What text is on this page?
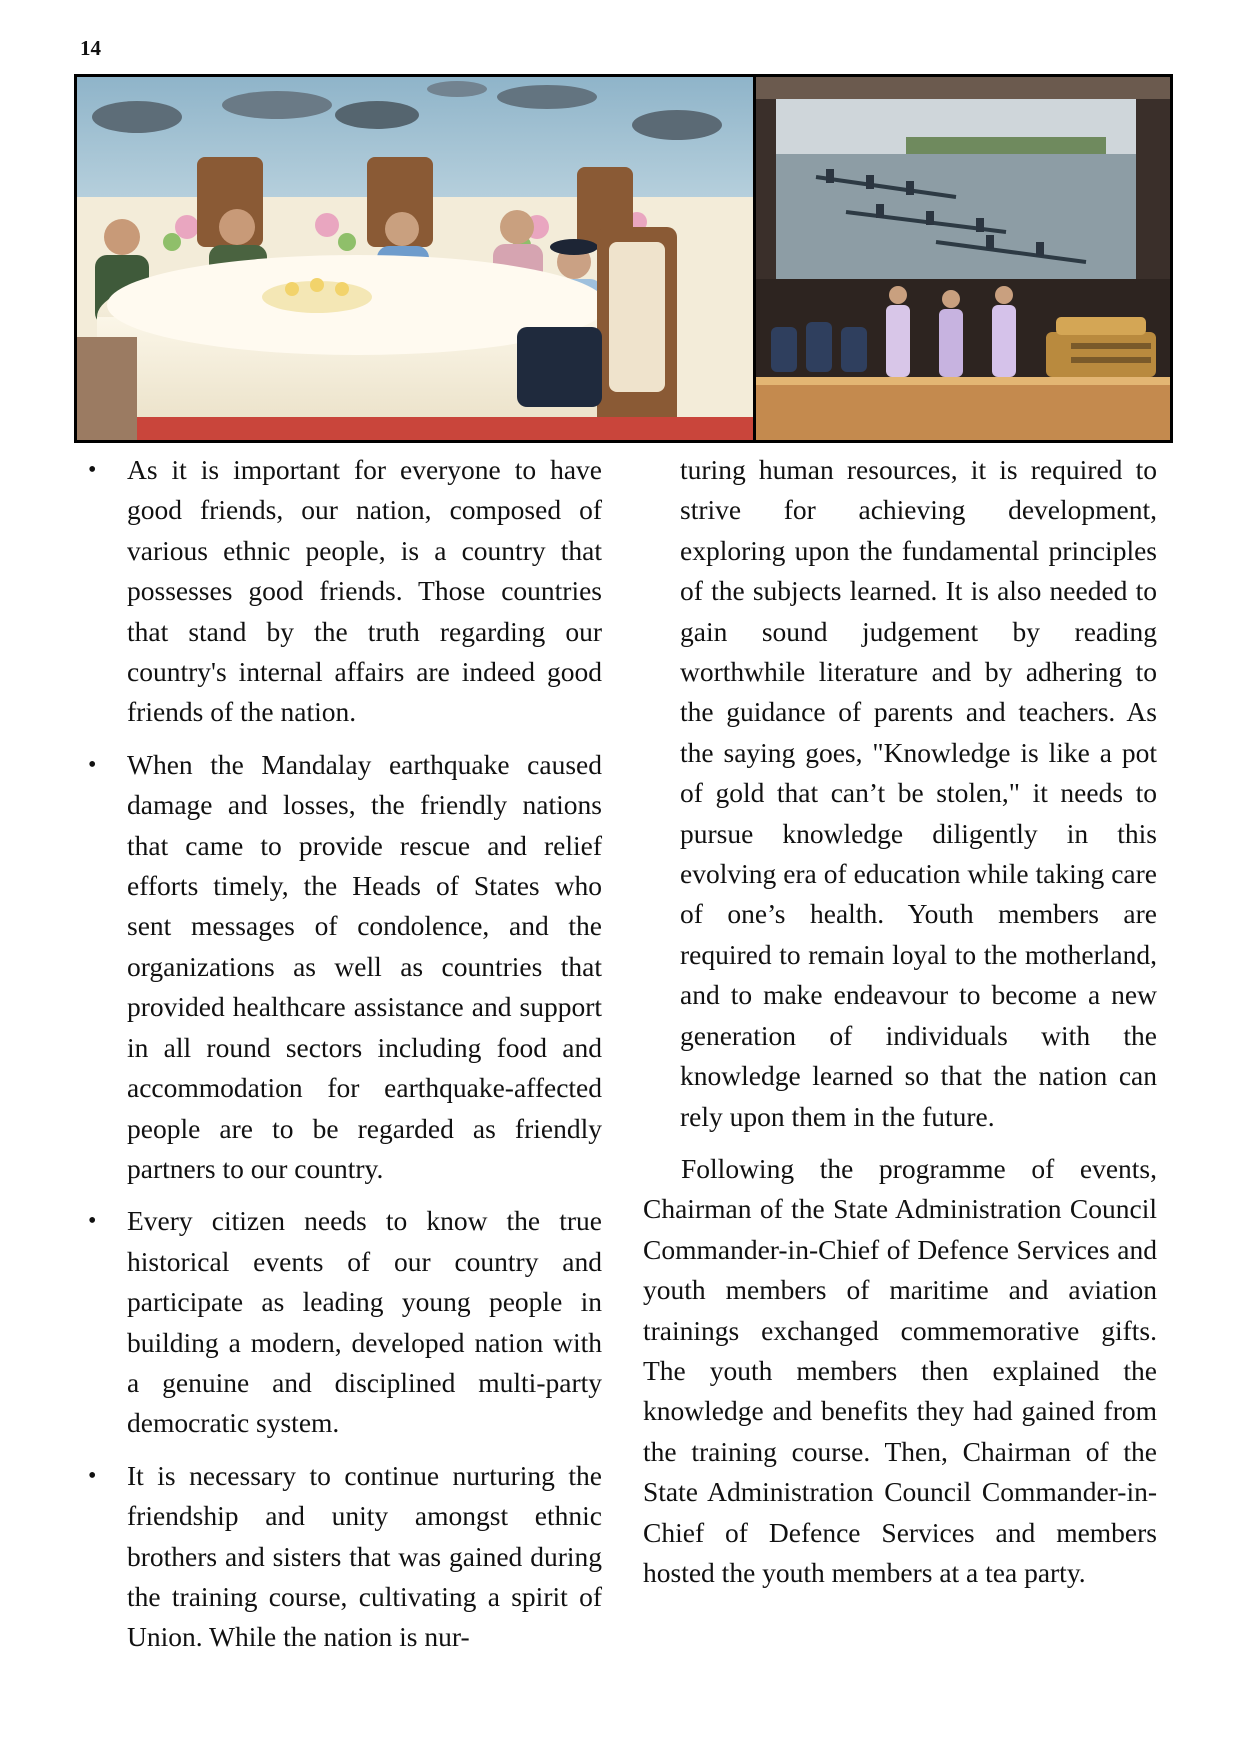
14
• As it is important for everyone to have good friends, our nation, composed of various ethnic people, is a country that possesses good friends. Those countries that stand by the truth regarding our country's internal affairs are indeed good friends of the nation.
• When the Mandalay earthquake caused damage and losses, the friendly nations that came to provide rescue and relief efforts timely, the Heads of States who sent messages of condolence, and the organizations as well as countries that provided healthcare assistance and support in all round sectors including food and accommodation for earthquake-affected people are to be regarded as friendly partners to our country.
• Every citizen needs to know the true historical events of our country and participate as leading young people in building a modern, developed nation with a genuine and disciplined multi-party democratic system.
• It is necessary to continue nurturing the friendship and unity amongst ethnic brothers and sisters that was gained during the training course, cultivating a spirit of Union. While the nation is nur-

turing human resources, it is required to strive for achieving development, exploring upon the fundamental principles of the subjects learned. It is also needed to gain sound judgement by reading worthwhile literature and by adhering to the guidance of parents and teachers. As the saying goes, "Knowledge is like a pot of gold that can’t be stolen," it needs to pursue knowledge diligently in this evolving era of education while taking care of one’s health. Youth members are required to remain loyal to the motherland, and to make endeavour to become a new generation of individuals with the knowledge learned so that the nation can rely upon them in the future.

Following the programme of events, Chairman of the State Administration Council Commander-in-Chief of Defence Services and youth members of maritime and aviation trainings exchanged commemorative gifts. The youth members then explained the knowledge and benefits they had gained from the training course. Then, Chairman of the State Administration Council Commander-in-Chief of Defence Services and members hosted the youth members at a tea party.
